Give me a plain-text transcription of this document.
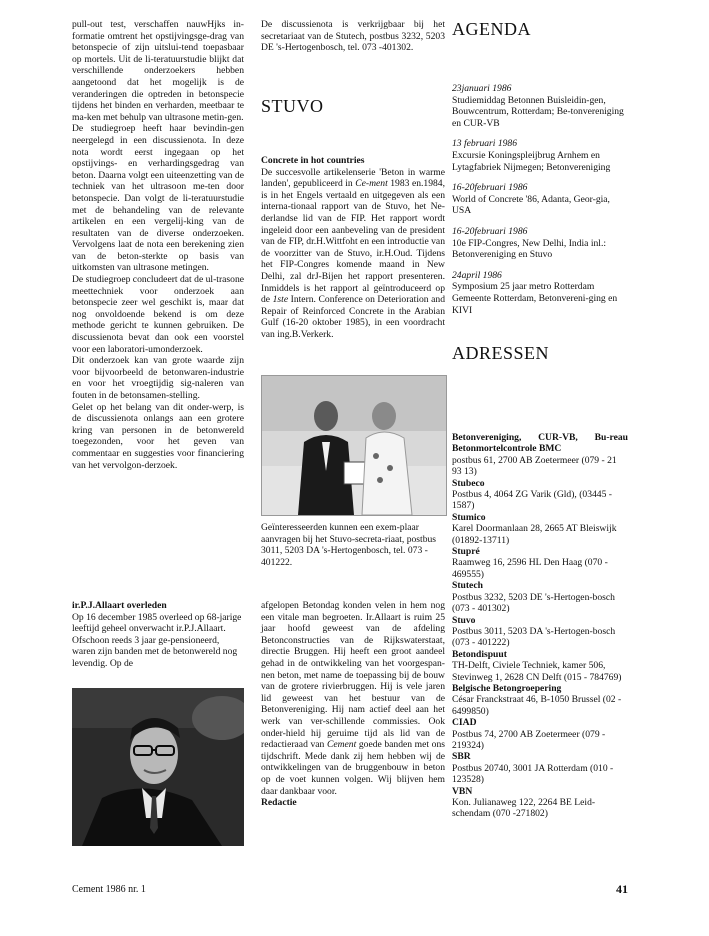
pull-out test, verschaffen nauwHjks in-formatie omtrent het opstijvingsge-drag van betonspecie of zijn uitslui-tend toepasbaar op mortels. Uit de li-teratuurstudie blijkt dat verschillende onderzoekers hebben aangetoond dat het mogelijk is de veranderingen die optreden in betonspecie tijdens het binden en verharden, meetbaar te ma-ken met behulp van ultrasone metin-gen.
De studiegroep heeft haar bevindin-gen neergelegd in een discussienota. In deze nota wordt eerst ingegaan op het opstijvings- en verhardingsgedrag van beton. Daarna volgt een uiteenzetting van de techniek van het ultrasoon me-ten door betonspecie. Dan volgt de li-teratuurstudie met de behandeling van de relevante artikelen en een vergelij-king van de resultaten van de diverse onderzoeken. Vervolgens laat de nota een berekening zien van de beton-sterkte op basis van uitkomsten van ultrasone metingen.
De studiegroep concludeert dat de ul-trasone meettechniek voor onderzoek aan betonspecie zeer wel geschikt is, maar dat nog onvoldoende bekend is om deze methode gericht te kunnen gebruiken. De discussienota bevat dan ook een voorstel voor een laboratori-umonderzoek.
Dit onderzoek kan van grote waarde zijn voor bijvoorbeeld de betonwaren-industrie en voor het vroegtijdig sig-naleren van fouten in de betonsamen-stelling.
Gelet op het belang van dit onder-werp, is de discussienota onlangs aan een grotere kring van personen in de betonwereld toegezonden, voor het geven van commentaar en suggesties voor financiering van het vervolgon-derzoek.

ir.P.J.Allaart overleden

Op 16 december 1985 overleed op 68-jarige leeftijd geheel onverwacht ir.P.J.Allaart. Ofschoon reeds 3 jaar ge-pensioneerd, waren zijn banden met de betonwereld nog levendig. Op de

De discussienota is verkrijgbaar bij het secretariaat van de Stutech, postbus 3232, 5203 DE 's-Hertogenbosch, tel. 073 -401302.
STUVO

Concrete in hot countries

De succesvolle artikelenserie 'Beton in warme landen', gepubliceerd in Ce-ment 1983 en.1984, is in het Engels vertaald en uitgegeven als een interna-tionaal rapport van de Stuvo, het Ne-derlandse lid van de FIP. Het rapport wordt ingeleid door een aanbeveling van de president van de FIP, dr.H.Wittfoht en een introductie van de voorzitter van de Stuvo, ir.H.Oud. Tijdens het FIP-Congres komende maand in New Delhi, zal drJ-Bijen het rapport presenteren. Inmiddels is het rapport al geïntroduceerd op de 1ste Intern. Conference on Deterioration and Repair of Reinforced Concrete in the Arabian Gulf (16-20 oktober 1985), in een voordracht van ing.B.Verkerk.

Geïnteresseerden kunnen een exem-plaar aanvragen bij het Stuvo-secreta-riaat, postbus 3011, 5203 DA 's-Hertogenbosch, tel. 073 - 401222.

afgelopen Betondag konden velen in hem nog een vitale man begroeten. Ir.Allaart is ruim 25 jaar hoofd geweest van de afdeling Betonconstructies van de Rijkswaterstaat, directie Bruggen. Hij heeft een groot aandeel gehad in de ontwikkeling van het voorgespan-nen beton, met name de toepassing bij de bouw van de grotere rivierbruggen. Hij is vele jaren lid geweest van het bestuur van de Betonvereniging. Hij nam actief deel aan het werk van ver-schillende commissies. Ook onder-hield hij geruime tijd als lid van de redactieraad van Cement goede banden met ons tijdschrift. Mede dank zij hem hebben wij de ontwikkelingen van de bruggenbouw in beton op de voet kunnen volgen. Wij blijven hem daar dankbaar voor.

Redactie

AGENDA

23januari 1986

Studiemiddag Betonnen Buisleidin-gen, Bouwcentrum, Rotterdam; Be-tonvereniging en CUR-VB

13 februari 1986

Excursie Koningspleijbrug Arnhem en Lytagfabriek Nijmegen; Betonvereniging

16-20februari 1986

World of Concrete '86, Adanta, Geor-gia, USA

16-20februari 1986

10e FIP-Congres, New Delhi, India inl.: Betonvereniging en Stuvo

24april 1986

Symposium 25 jaar metro Rotterdam Gemeente Rotterdam, Betonvereni-ging en KIVI

ADRESSEN

Betonvereniging, CUR-VB, Bu-reau Betonmortelcontrole BMC

postbus 61, 2700 AB Zoetermeer (079 - 21 93 13)

Stubeco

Postbus 4, 4064 ZG Varik (Gld), (03445 - 1587)

Stumico

Karel Doormanlaan 28, 2665 AT Bleiswijk (01892-13711)

Stupré

Raamweg 16, 2596 HL Den Haag (070 - 469555)

Stutech

Postbus 3232, 5203 DE 's-Hertogen-bosch (073 - 401302)

Stuvo

Postbus 3011, 5203 DA 's-Hertogen-bosch (073 - 401222)

Betondispuut

TH-Delft, Civiele Techniek, kamer 506, Stevinweg 1, 2628 CN Delft (015 - 784769)

Belgische Betongroepering

César Franckstraat 46, B-1050 Brussel (02 - 6499850)

CIAD

Postbus 74, 2700 AB Zoetermeer (079 - 219324)

SBR

Postbus 20740, 3001 JA Rotterdam (010 - 123528)

VBN

Kon. Julianaweg 122, 2264 BE Leid-schendam (070 -271802)

Cement 1986 nr. 1	41
